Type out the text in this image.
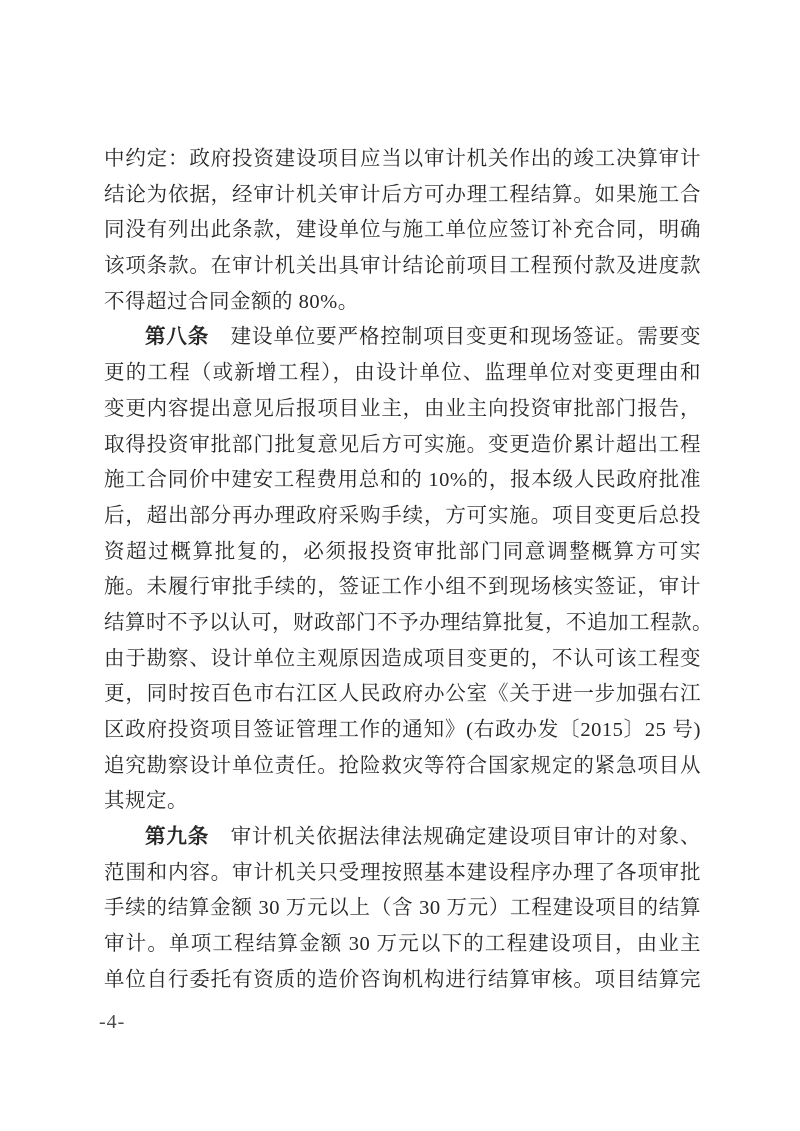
中约定：政府投资建设项目应当以审计机关作出的竣工决算审计
结论为依据，经审计机关审计后方可办理工程结算。如果施工合
同没有列出此条款，建设单位与施工单位应签订补充合同，明确
该项条款。在审计机关出具审计结论前项目工程预付款及进度款
不得超过合同金额的 80%。
第八条　建设单位要严格控制项目变更和现场签证。需要变
更的工程（或新增工程），由设计单位、监理单位对变更理由和
变更内容提出意见后报项目业主，由业主向投资审批部门报告，
取得投资审批部门批复意见后方可实施。变更造价累计超出工程
施工合同价中建安工程费用总和的 10%的，报本级人民政府批准
后，超出部分再办理政府采购手续，方可实施。项目变更后总投
资超过概算批复的，必须报投资审批部门同意调整概算方可实
施。未履行审批手续的，签证工作小组不到现场核实签证，审计
结算时不予以认可，财政部门不予办理结算批复，不追加工程款。
由于勘察、设计单位主观原因造成项目变更的，不认可该工程变
更，同时按百色市右江区人民政府办公室《关于进一步加强右江
区政府投资项目签证管理工作的通知》(右政办发〔2015〕25 号)
追究勘察设计单位责任。抢险救灾等符合国家规定的紧急项目从
其规定。
第九条　审计机关依据法律法规确定建设项目审计的对象、
范围和内容。审计机关只受理按照基本建设程序办理了各项审批
手续的结算金额 30 万元以上（含 30 万元）工程建设项目的结算
审计。单项工程结算金额 30 万元以下的工程建设项目，由业主
单位自行委托有资质的造价咨询机构进行结算审核。项目结算完
-4-
